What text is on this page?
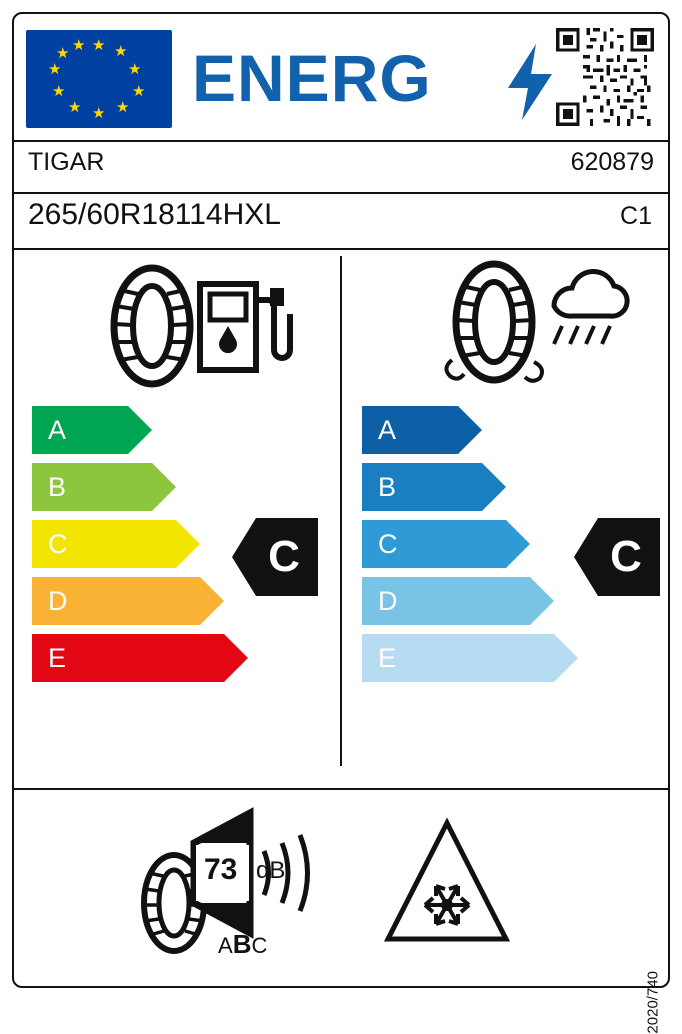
★ ★
★
★
★
★
★
★
★
★ ★ ENERG
TIGAR	620879
265/60R18114HXL	C1
A
B
C
D
E
C
A
B
C
D
E
C
73 dB
ABC
2020/740
